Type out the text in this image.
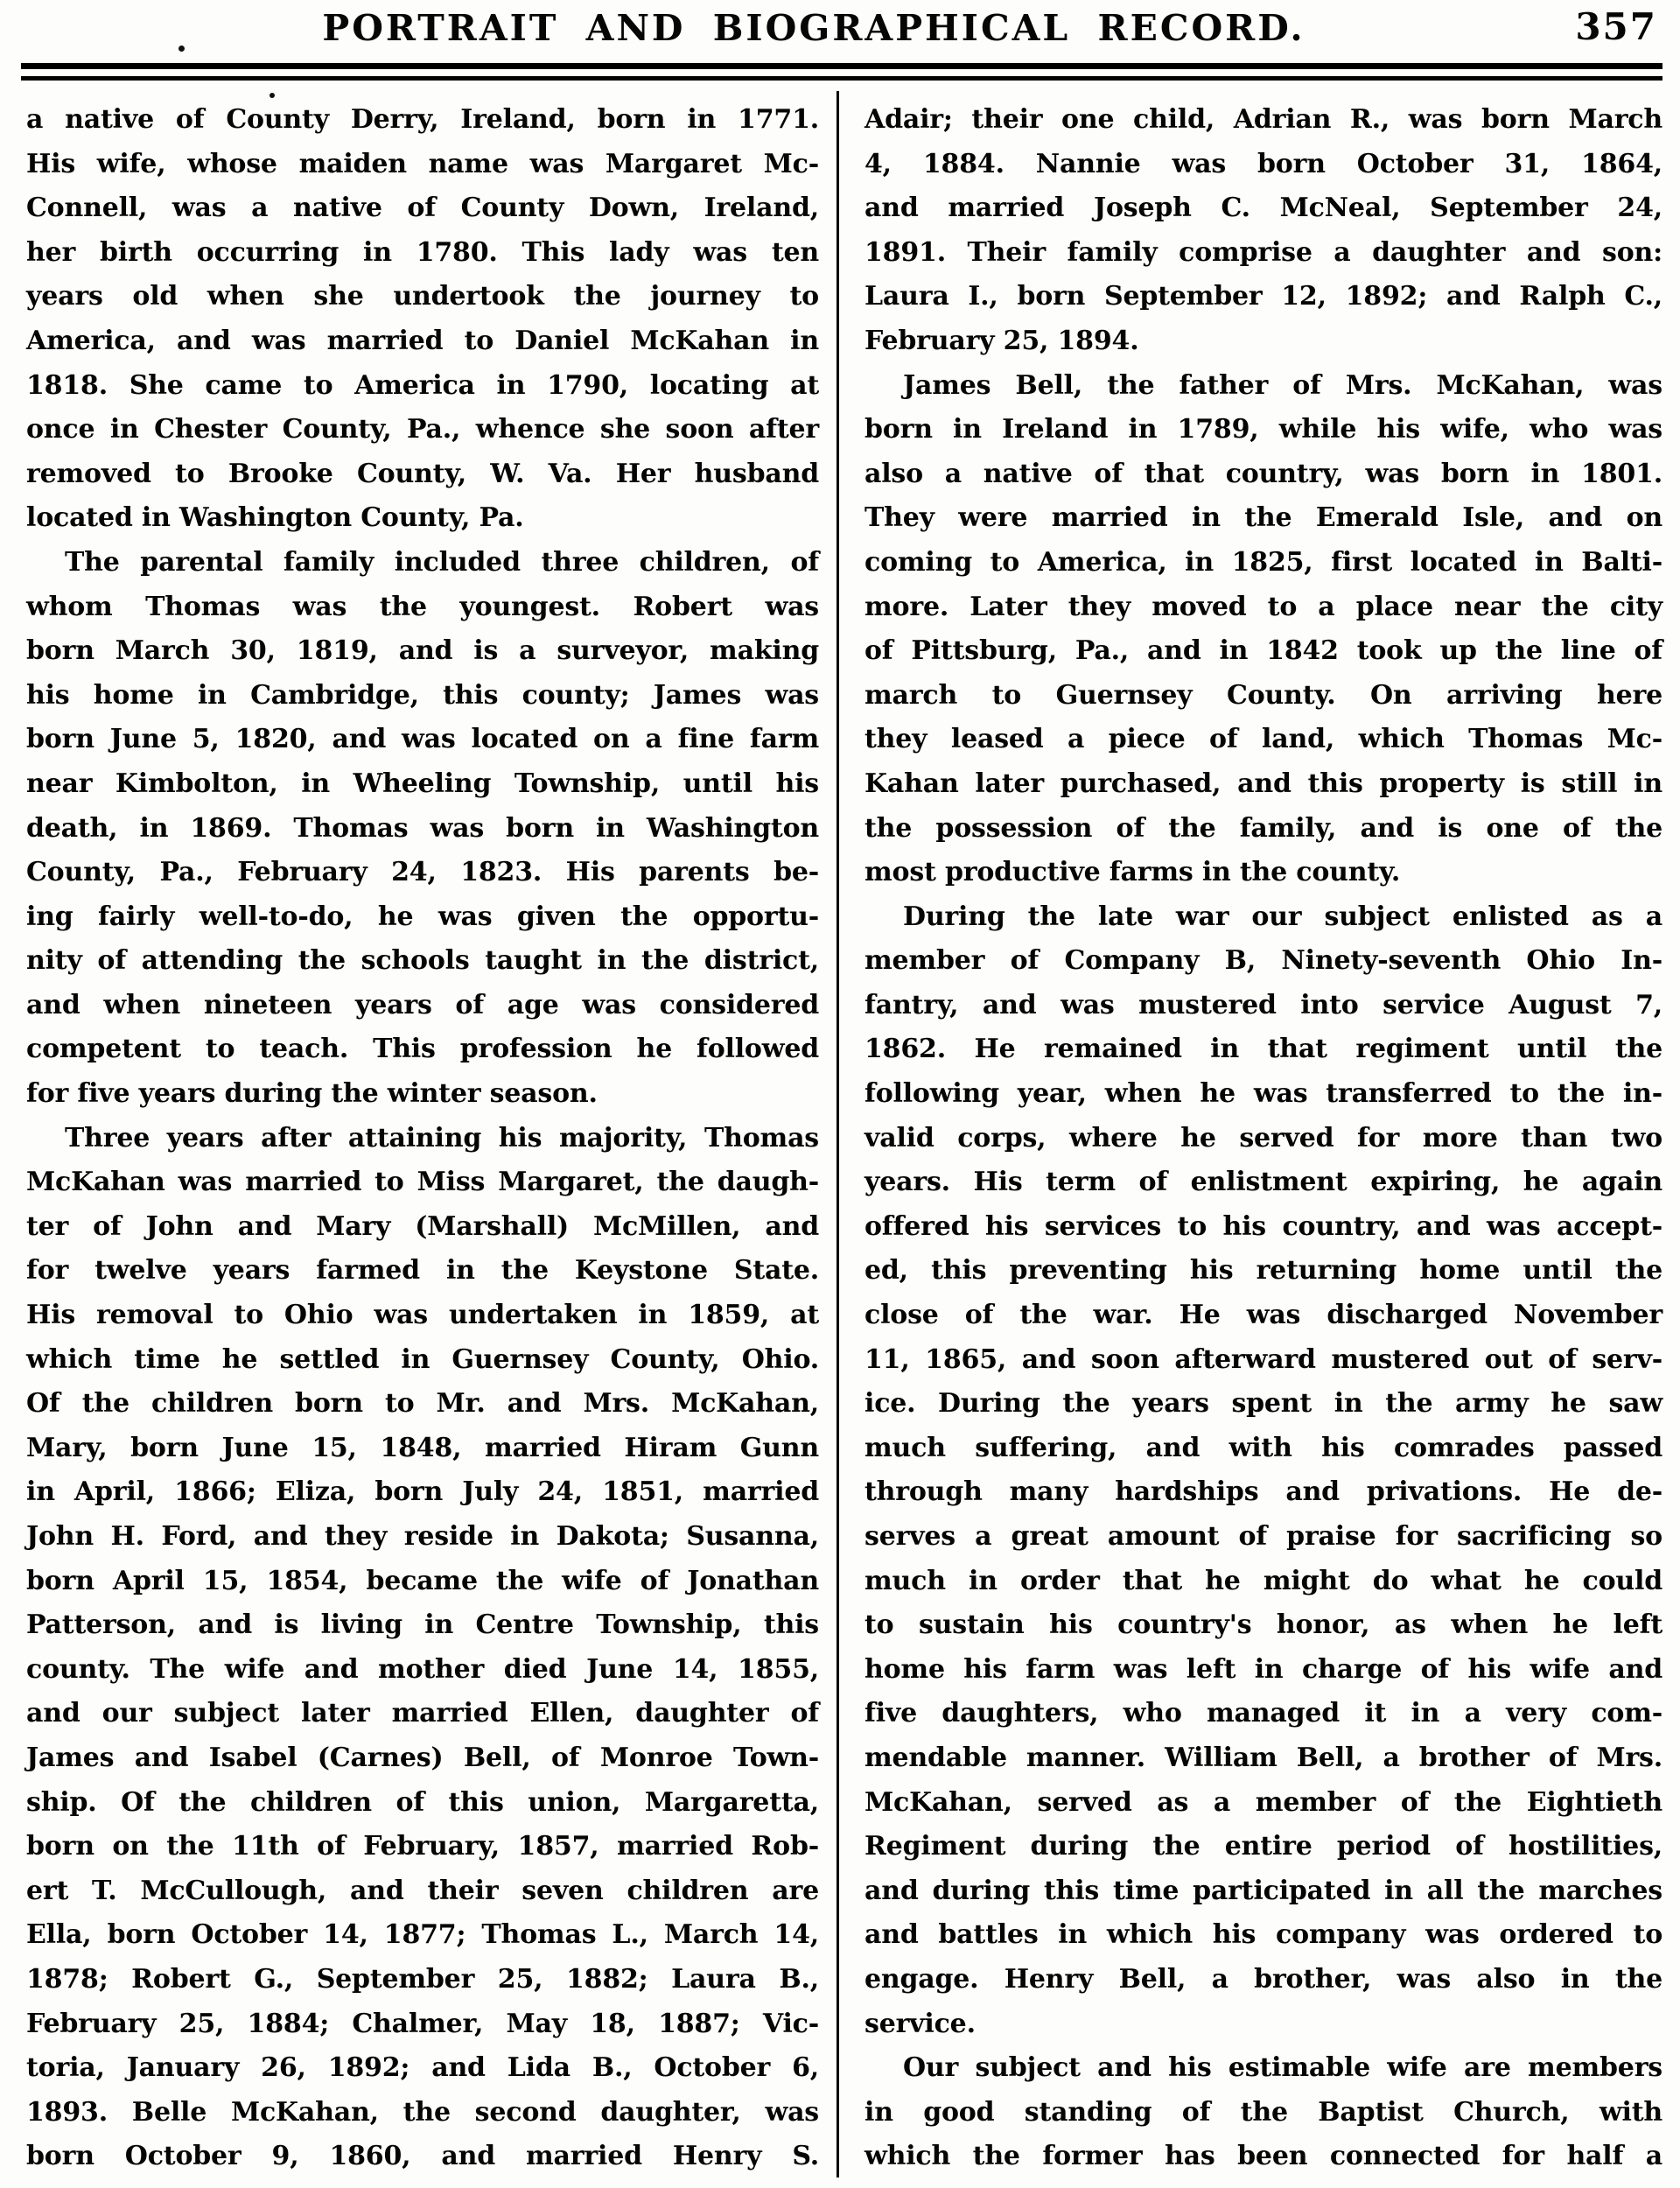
PORTRAIT AND BIOGRAPHICAL RECORD.	357
a native of County Derry, Ireland, born in 1771.
His wife, whose maiden name was Margaret Mc-
Connell, was a native of County Down, Ireland,
her birth occurring in 1780. This lady was ten
years old when she undertook the journey to
America, and was married to Daniel McKahan in
1818. She came to America in 1790, locating at
once in Chester County, Pa., whence she soon after
removed to Brooke County, W. Va. Her husband
located in Washington County, Pa.
The parental family included three children, of
whom Thomas was the youngest. Robert was
born March 30, 1819, and is a surveyor, making
his home in Cambridge, this county; James was
born June 5, 1820, and was located on a fine farm
near Kimbolton, in Wheeling Township, until his
death, in 1869. Thomas was born in Washington
County, Pa., February 24, 1823. His parents be-
ing fairly well-to-do, he was given the opportu-
nity of attending the schools taught in the district,
and when nineteen years of age was considered
competent to teach. This profession he followed
for five years during the winter season.
Three years after attaining his majority, Thomas
McKahan was married to Miss Margaret, the daugh-
ter of John and Mary (Marshall) McMillen, and
for twelve years farmed in the Keystone State.
His removal to Ohio was undertaken in 1859, at
which time he settled in Guernsey County, Ohio.
Of the children born to Mr. and Mrs. McKahan,
Mary, born June 15, 1848, married Hiram Gunn
in April, 1866; Eliza, born July 24, 1851, married
John H. Ford, and they reside in Dakota; Susanna,
born April 15, 1854, became the wife of Jonathan
Patterson, and is living in Centre Township, this
county. The wife and mother died June 14, 1855,
and our subject later married Ellen, daughter of
James and Isabel (Carnes) Bell, of Monroe Town-
ship. Of the children of this union, Margaretta,
born on the 11th of February, 1857, married Rob-
ert T. McCullough, and their seven children are
Ella, born October 14, 1877; Thomas L., March 14,
1878; Robert G., September 25, 1882; Laura B.,
February 25, 1884; Chalmer, May 18, 1887; Vic-
toria, January 26, 1892; and Lida B., October 6,
1893. Belle McKahan, the second daughter, was
born October 9, 1860, and married Henry S.
Adair; their one child, Adrian R., was born March
4, 1884. Nannie was born October 31, 1864,
and married Joseph C. McNeal, September 24,
1891. Their family comprise a daughter and son:
Laura I., born September 12, 1892; and Ralph C.,
February 25, 1894.
James Bell, the father of Mrs. McKahan, was
born in Ireland in 1789, while his wife, who was
also a native of that country, was born in 1801.
They were married in the Emerald Isle, and on
coming to America, in 1825, first located in Balti-
more. Later they moved to a place near the city
of Pittsburg, Pa., and in 1842 took up the line of
march to Guernsey County. On arriving here
they leased a piece of land, which Thomas Mc-
Kahan later purchased, and this property is still in
the possession of the family, and is one of the
most productive farms in the county.
During the late war our subject enlisted as a
member of Company B, Ninety-seventh Ohio In-
fantry, and was mustered into service August 7,
1862. He remained in that regiment until the
following year, when he was transferred to the in-
valid corps, where he served for more than two
years. His term of enlistment expiring, he again
offered his services to his country, and was accept-
ed, this preventing his returning home until the
close of the war. He was discharged November
11, 1865, and soon afterward mustered out of serv-
ice. During the years spent in the army he saw
much suffering, and with his comrades passed
through many hardships and privations. He de-
serves a great amount of praise for sacrificing so
much in order that he might do what he could
to sustain his country's honor, as when he left
home his farm was left in charge of his wife and
five daughters, who managed it in a very com-
mendable manner. William Bell, a brother of Mrs.
McKahan, served as a member of the Eightieth
Regiment during the entire period of hostilities,
and during this time participated in all the marches
and battles in which his company was ordered to
engage. Henry Bell, a brother, was also in the
service.
Our subject and his estimable wife are members
in good standing of the Baptist Church, with
which the former has been connected for half a
